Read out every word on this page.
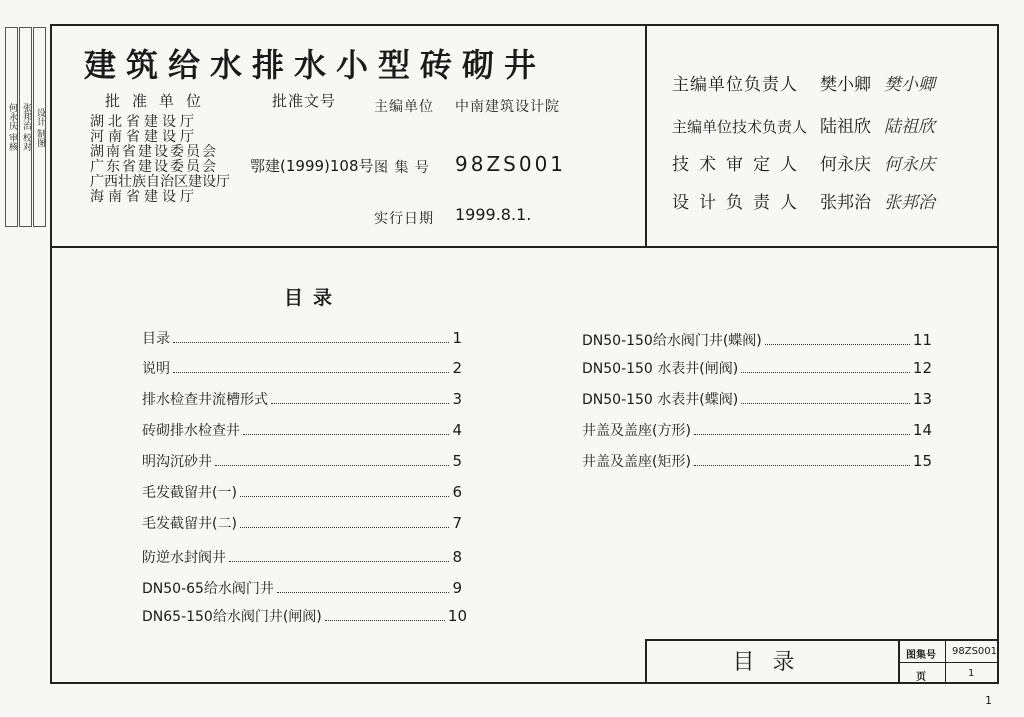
何永庆 审核 张邦治 校对 设计 制图
建筑给水排水小型砖砌井
批准单位	批准文号	主编单位 中南建筑设计院
湖北省建设厅
河南省建设厅
湖南省建设委员会
广东省建设委员会
广西壮族自治区建设厅
海南省建设厅
鄂建(1999)108号 图 集 号 98ZS001
实行日期 1999.8.1.
主编单位负责人 樊小卿 樊小卿
主编单位技术负责人 陆祖欣 陆祖欣
技术审定人 何永庆 何永庆
设计负责人 张邦治 张邦治
目录
目录	1
说明	2
排水检查井流槽形式	3
砖砌排水检查井	4
明沟沉砂井	5
毛发截留井(一)	6
毛发截留井(二)	7
防逆水封阀井	8
DN50-65给水阀门井	9
DN65-150给水阀门井(闸阀)	10
DN50-150给水阀门井(蝶阀)	11
DN50-150 水表井(闸阀)	12
DN50-150 水表井(蝶阀)	13
井盖及盖座(方形)	14
井盖及盖座(矩形)	15
目录	图集号 98ZS001
页	1
1
